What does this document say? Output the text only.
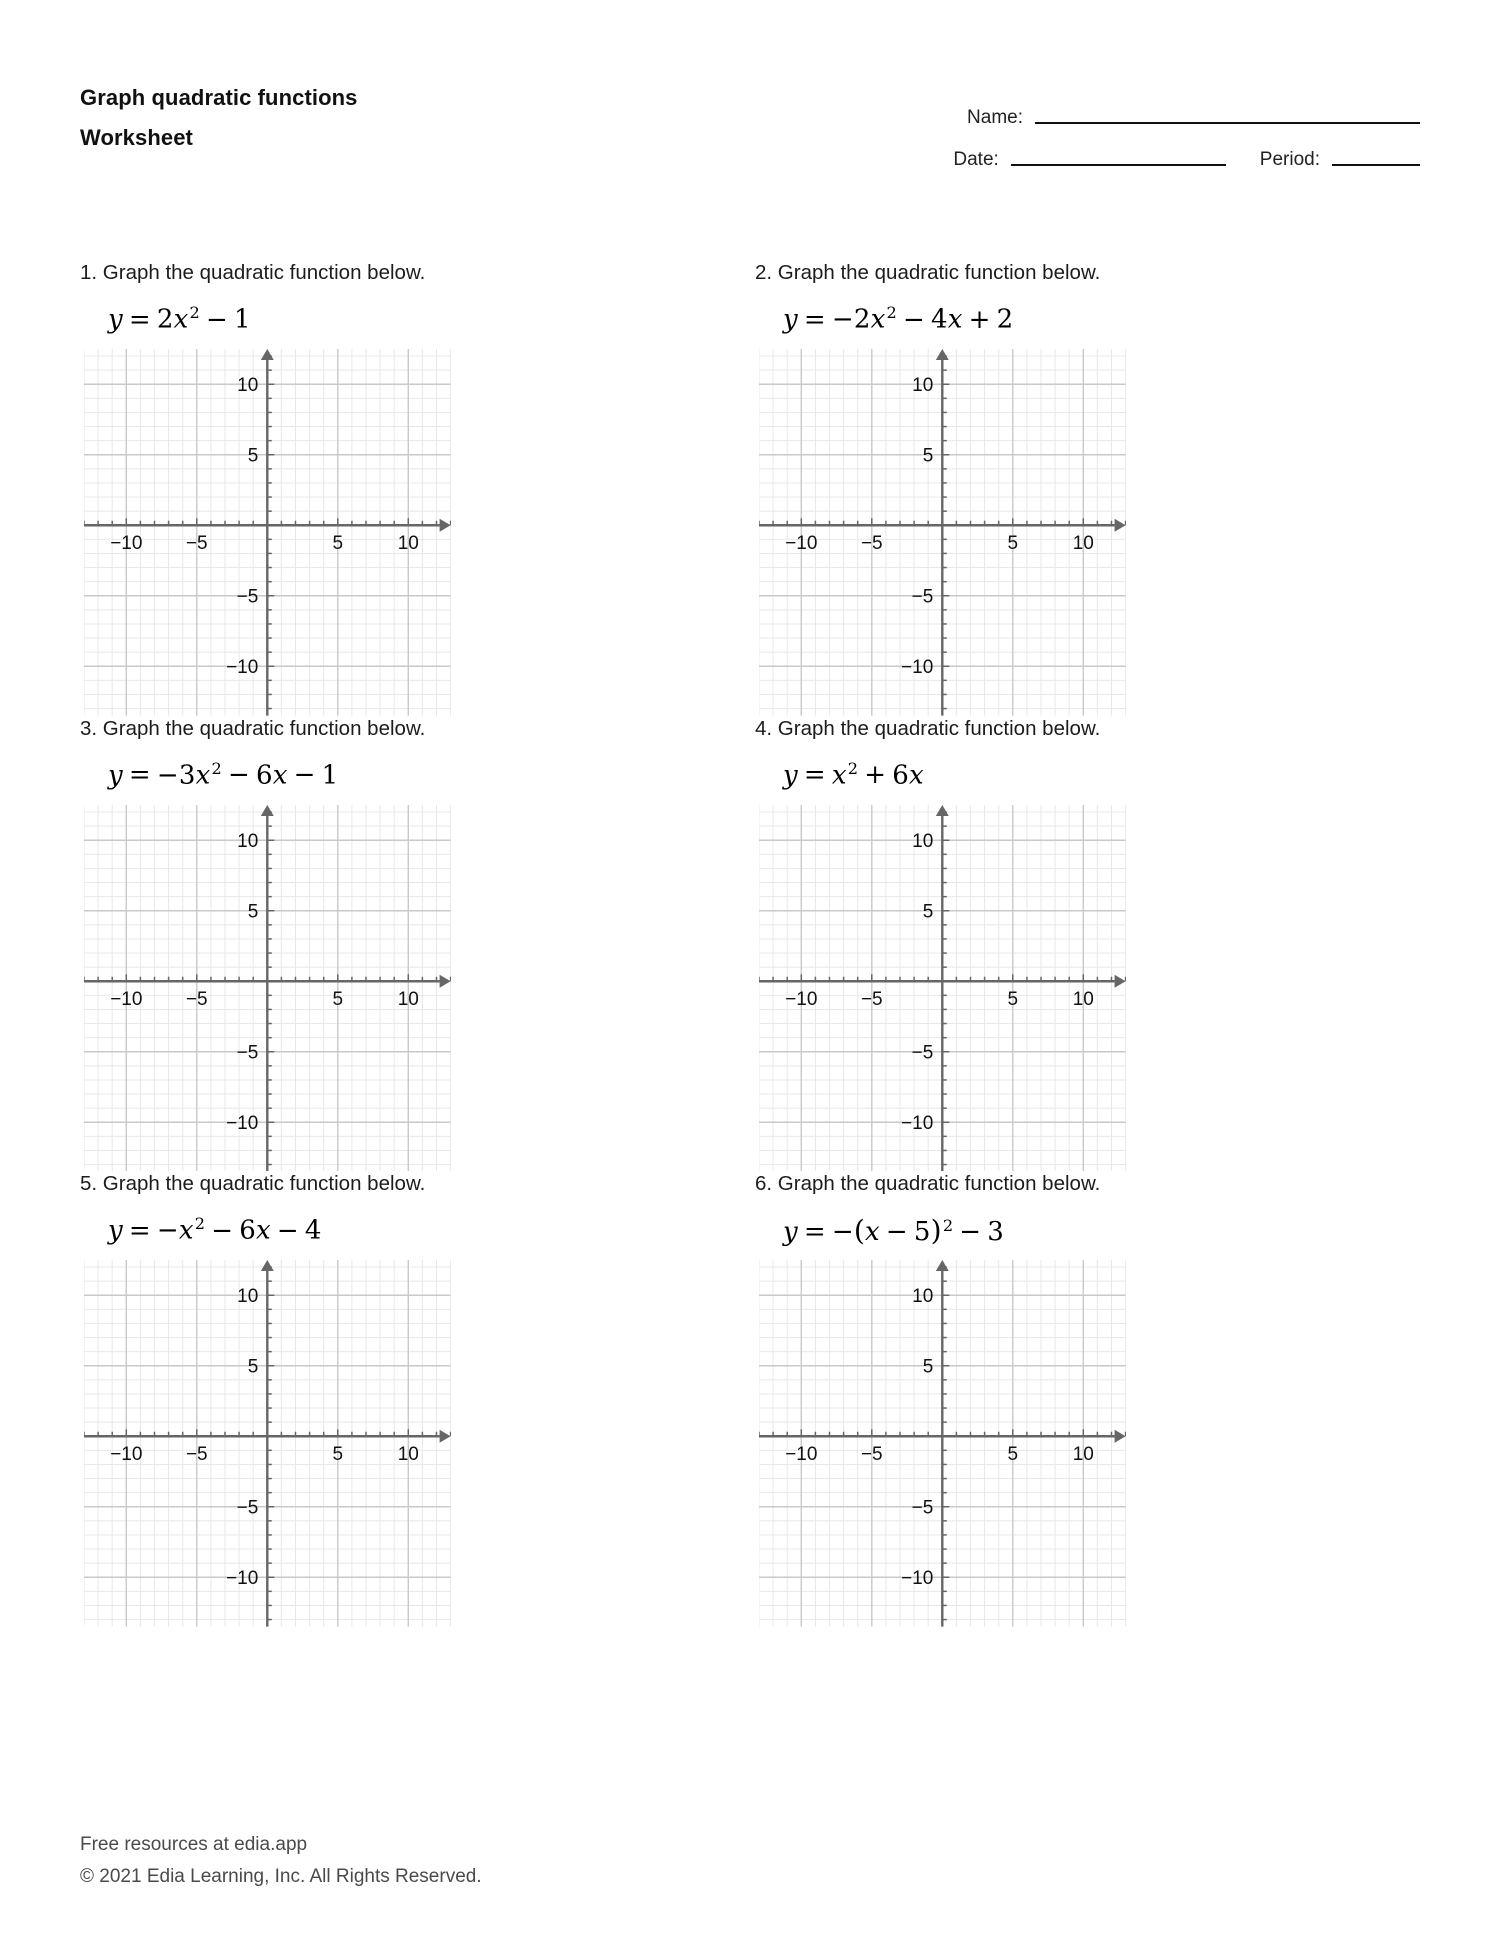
Graph quadratic functions
Worksheet
Name:
Date:	Period:
1. Graph the quadratic function below.
$y = 2x^2 - 1$
−10 −5	5	10
10
5
−5
−10
2. Graph the quadratic function below.
$y = -2x^2 - 4x + 2$
−10 −5	5	10
10
5
−5
−10
3. Graph the quadratic function below.
$y = -3x^2 - 6x - 1$
−10 −5	5	10
10
5
−5
−10
4. Graph the quadratic function below.
$y = x^2 + 6x$
−10 −5	5	10
10
5
−5
−10
5. Graph the quadratic function below.
$y = -x^2 - 6x - 4$
−10 −5	5	10
10
5
−5
−10
6. Graph the quadratic function below.
$y = -(x - 5)^2 - 3$
−10 −5	5	10
10
5
−5
−10
Free resources at edia.app
© 2021 Edia Learning, Inc. All Rights Reserved.
